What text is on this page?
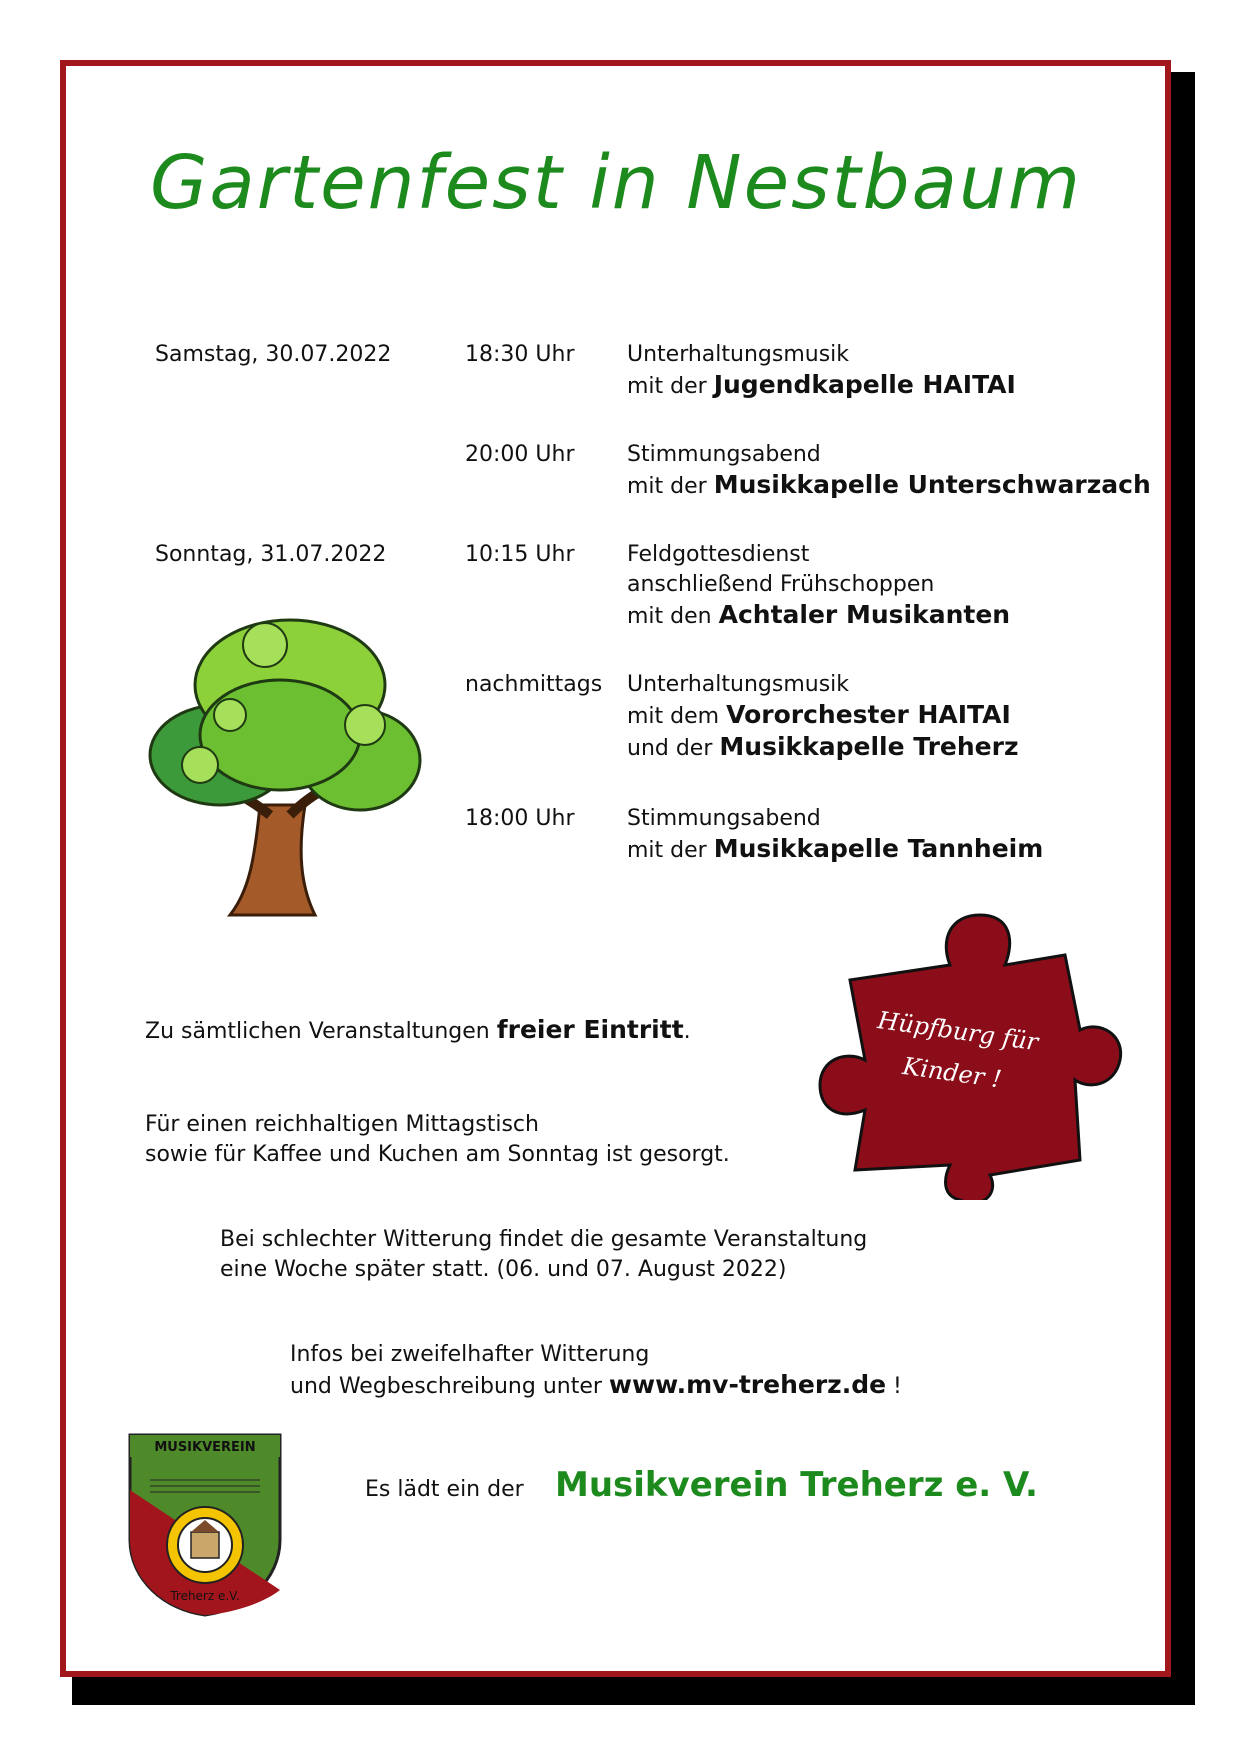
Gartenfest in Nestbaum
Samstag, 30.07.2022	18:30 Uhr Unterhaltungsmusik
mit der Jugendkapelle HAITAI
20:00 Uhr Stimmungsabend
mit der Musikkapelle Unterschwarzach
Sonntag, 31.07.2022	10:15 Uhr Feldgottesdienst
anschließend Frühschoppen
mit den Achtaler Musikanten
nachmittags Unterhaltungsmusik
mit dem Vororchester HAITAI
und der Musikkapelle Treherz
18:00 Uhr Stimmungsabend
mit der Musikkapelle Tannheim
Zu sämtlichen Veranstaltungen freier Eintritt.	Hüpfburg für
Kinder !
Für einen reichhaltigen Mittagstisch
sowie für Kaffee und Kuchen am Sonntag ist gesorgt.
Bei schlechter Witterung findet die gesamte Veranstaltung
eine Woche später statt. (06. und 07. August 2022)
Infos bei zweifelhafter Witterung
und Wegbeschreibung unter www.mv-treherz.de !
MUSIKVEREIN
Treherz e.V.
Es lädt ein der Musikverein Treherz e. V.
